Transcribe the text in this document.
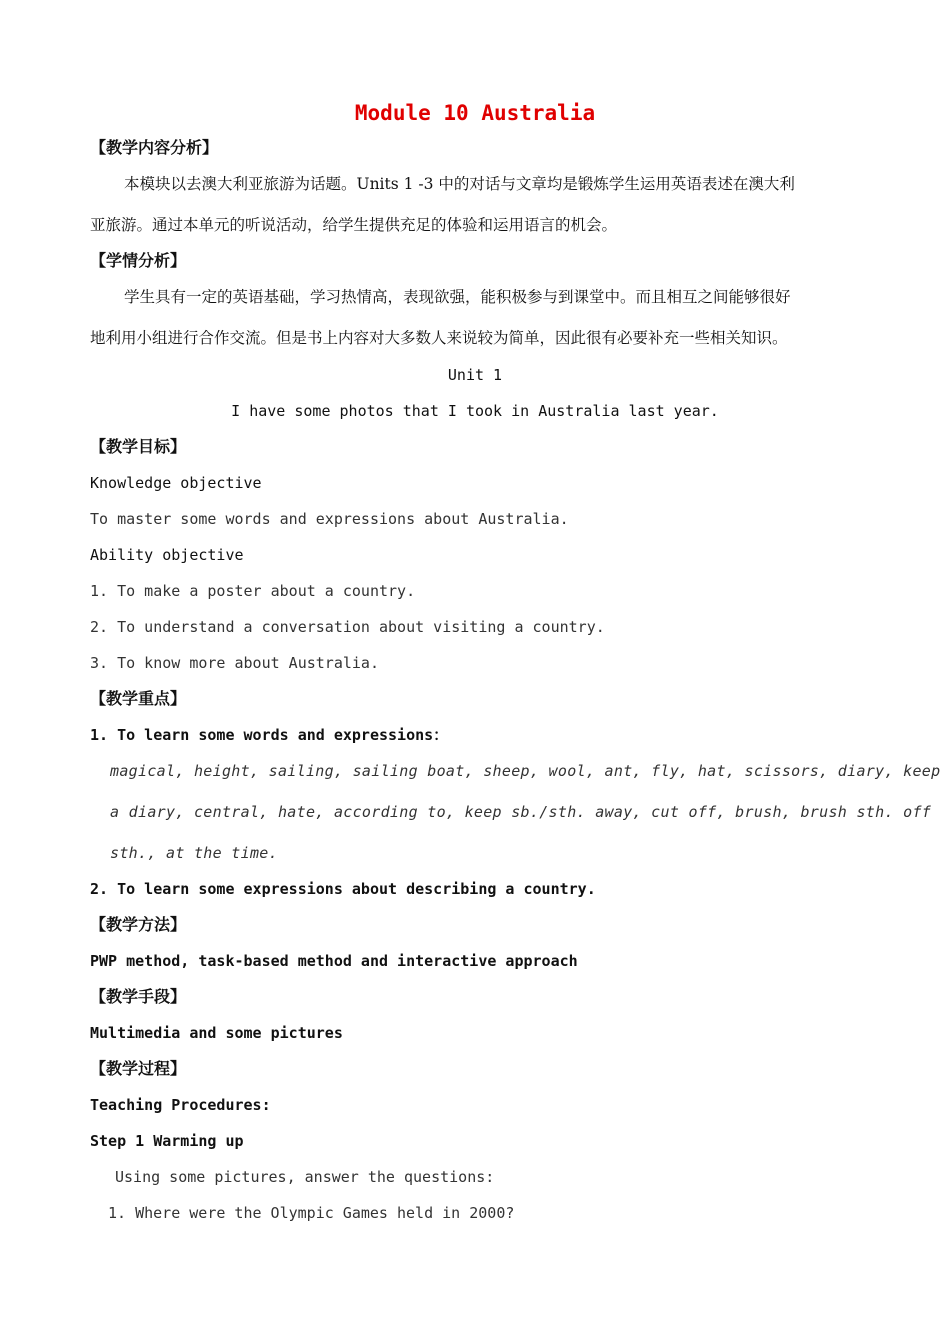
Module 10 Australia
【教学内容分析】
本模块以去澳大利亚旅游为话题。Units 1 -3 中的对话与文章均是锻炼学生运用英语表述在澳大利
亚旅游。通过本单元的听说活动，给学生提供充足的体验和运用语言的机会。
【学情分析】
学生具有一定的英语基础，学习热情高，表现欲强，能积极参与到课堂中。而且相互之间能够很好
地利用小组进行合作交流。但是书上内容对大多数人来说较为简单，因此很有必要补充一些相关知识。
Unit 1
I have some photos that I took in Australia last year.
【教学目标】
Knowledge objective
To master some words and expressions about Australia.
Ability objective
1. To make a poster about a country.
2. To understand a conversation about visiting a country.
3. To know more about Australia.
【教学重点】
1. To learn some words and expressions：
magical, height, sailing, sailing boat, sheep, wool, ant, fly, hat, scissors, diary, keep
a diary, central, hate, according to, keep sb./sth. away, cut off, brush, brush sth. off
sth., at the time.
2. To learn some expressions about describing a country.
【教学方法】
PWP method, task-based method and interactive approach
【教学手段】
Multimedia and some pictures
【教学过程】
Teaching Procedures:
Step 1 Warming up
Using some pictures, answer the questions:
1. Where were the Olympic Games held in 2000?
